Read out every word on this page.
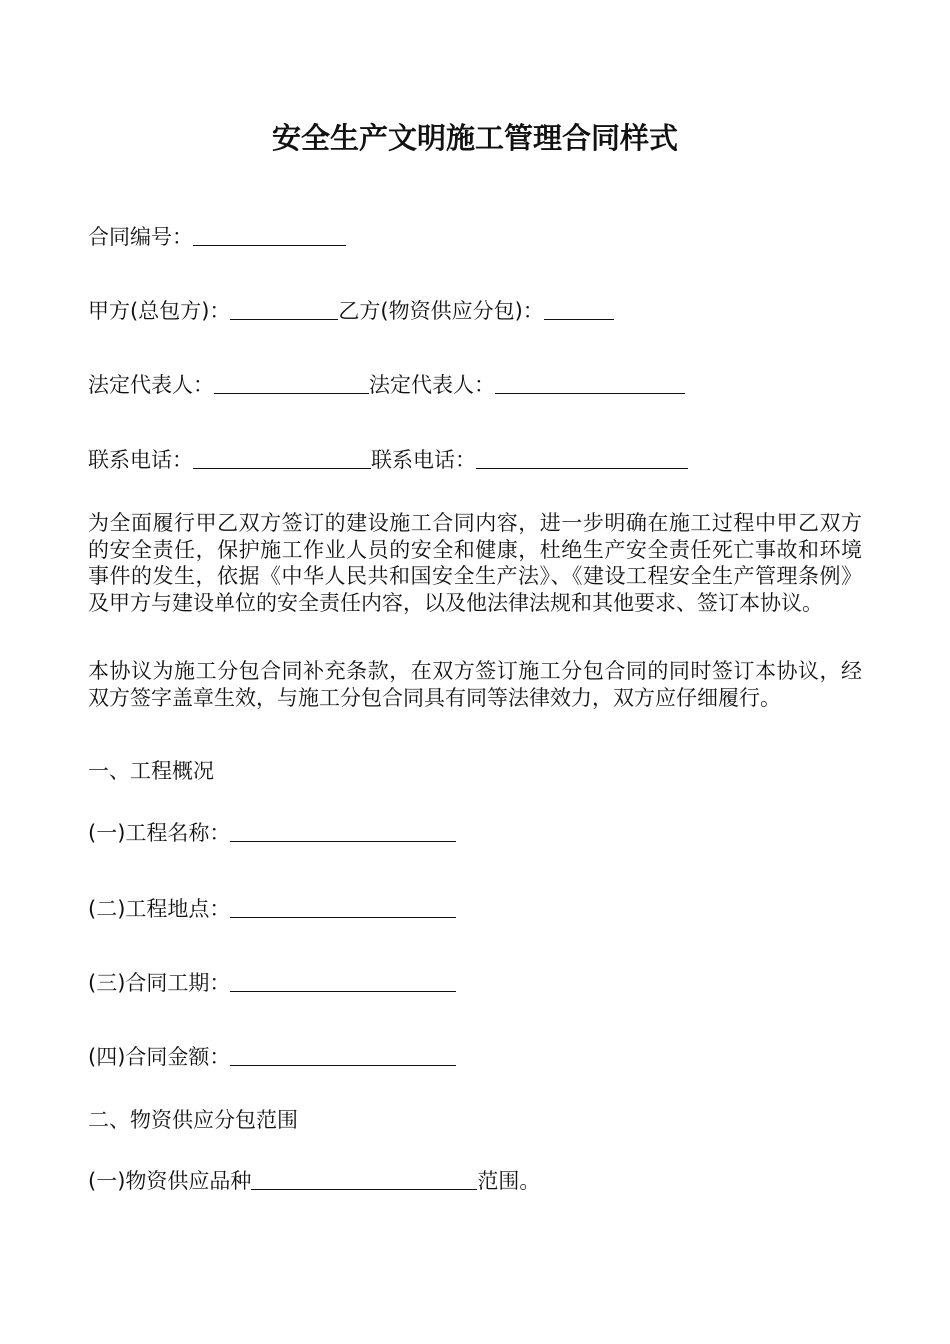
安全生产文明施工管理合同样式
合同编号：
甲方(总包方)：	乙方(物资供应分包)：
法定代表人：	法定代表人：
联系电话：	联系电话：
为全面履行甲乙双方签订的建设施工合同内容，进一步明确在施工过程中甲乙双方的安全责任，保护施工作业人员的安全和健康，杜绝生产安全责任死亡事故和环境事件的发生，依据《中华人民共和国安全生产法》、《建设工程安全生产管理条例》及甲方与建设单位的安全责任内容，以及他法律法规和其他要求、签订本协议。
本协议为施工分包合同补充条款，在双方签订施工分包合同的同时签订本协议，经双方签字盖章生效，与施工分包合同具有同等法律效力，双方应仔细履行。
一、工程概况
(一)工程名称：
(二)工程地点：
(三)合同工期：
(四)合同金额：
二、物资供应分包范围
(一)物资供应品种	范围。
